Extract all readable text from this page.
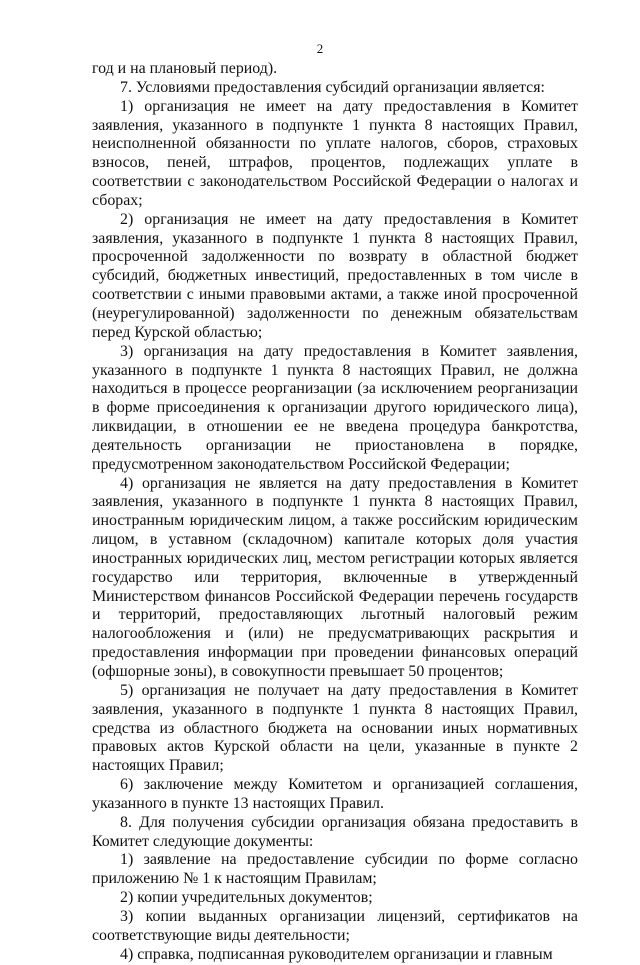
2

год и на плановый период).

7. Условиями предоставления субсидий организации является:

1) организация не имеет на дату предоставления в Комитет заявления, указанного в подпункте 1 пункта 8 настоящих Правил, неисполненной обязанности по уплате налогов, сборов, страховых взносов, пеней, штрафов, процентов, подлежащих уплате в соответствии с законодательством Российской Федерации о налогах и сборах;

2) организация не имеет на дату предоставления в Комитет заявления, указанного в подпункте 1 пункта 8 настоящих Правил, просроченной задолженности по возврату в областной бюджет субсидий, бюджетных инвестиций, предоставленных в том числе в соответствии с иными правовыми актами, а также иной просроченной (неурегулированной) задолженности по денежным обязательствам перед Курской областью;

3) организация на дату предоставления в Комитет заявления, указанного в подпункте 1 пункта 8 настоящих Правил, не должна находиться в процессе реорганизации (за исключением реорганизации в форме присоединения к организации другого юридического лица), ликвидации, в отношении ее не введена процедура банкротства, деятельность организации не приостановлена в порядке, предусмотренном законодательством Российской Федерации;

4) организация не является на дату предоставления в Комитет заявления, указанного в подпункте 1 пункта 8 настоящих Правил, иностранным юридическим лицом, а также российским юридическим лицом, в уставном (складочном) капитале которых доля участия иностранных юридических лиц, местом регистрации которых является государство или территория, включенные в утвержденный Министерством финансов Российской Федерации перечень государств и территорий, предоставляющих льготный налоговый режим налогообложения и (или) не предусматривающих раскрытия и предоставления информации при проведении финансовых операций (офшорные зоны), в совокупности превышает 50 процентов;

5) организация не получает на дату предоставления в Комитет заявления, указанного в подпункте 1 пункта 8 настоящих Правил, средства из областного бюджета на основании иных нормативных правовых актов Курской области на цели, указанные в пункте 2 настоящих Правил;

6) заключение между Комитетом и организацией соглашения, указанного в пункте 13 настоящих Правил.

8. Для получения субсидии организация обязана предоставить в Комитет следующие документы:

1) заявление на предоставление субсидии по форме согласно приложению № 1 к настоящим Правилам;

2) копии учредительных документов;

3) копии выданных организации лицензий, сертификатов на соответствующие виды деятельности;

4) справка, подписанная руководителем организации и главным
